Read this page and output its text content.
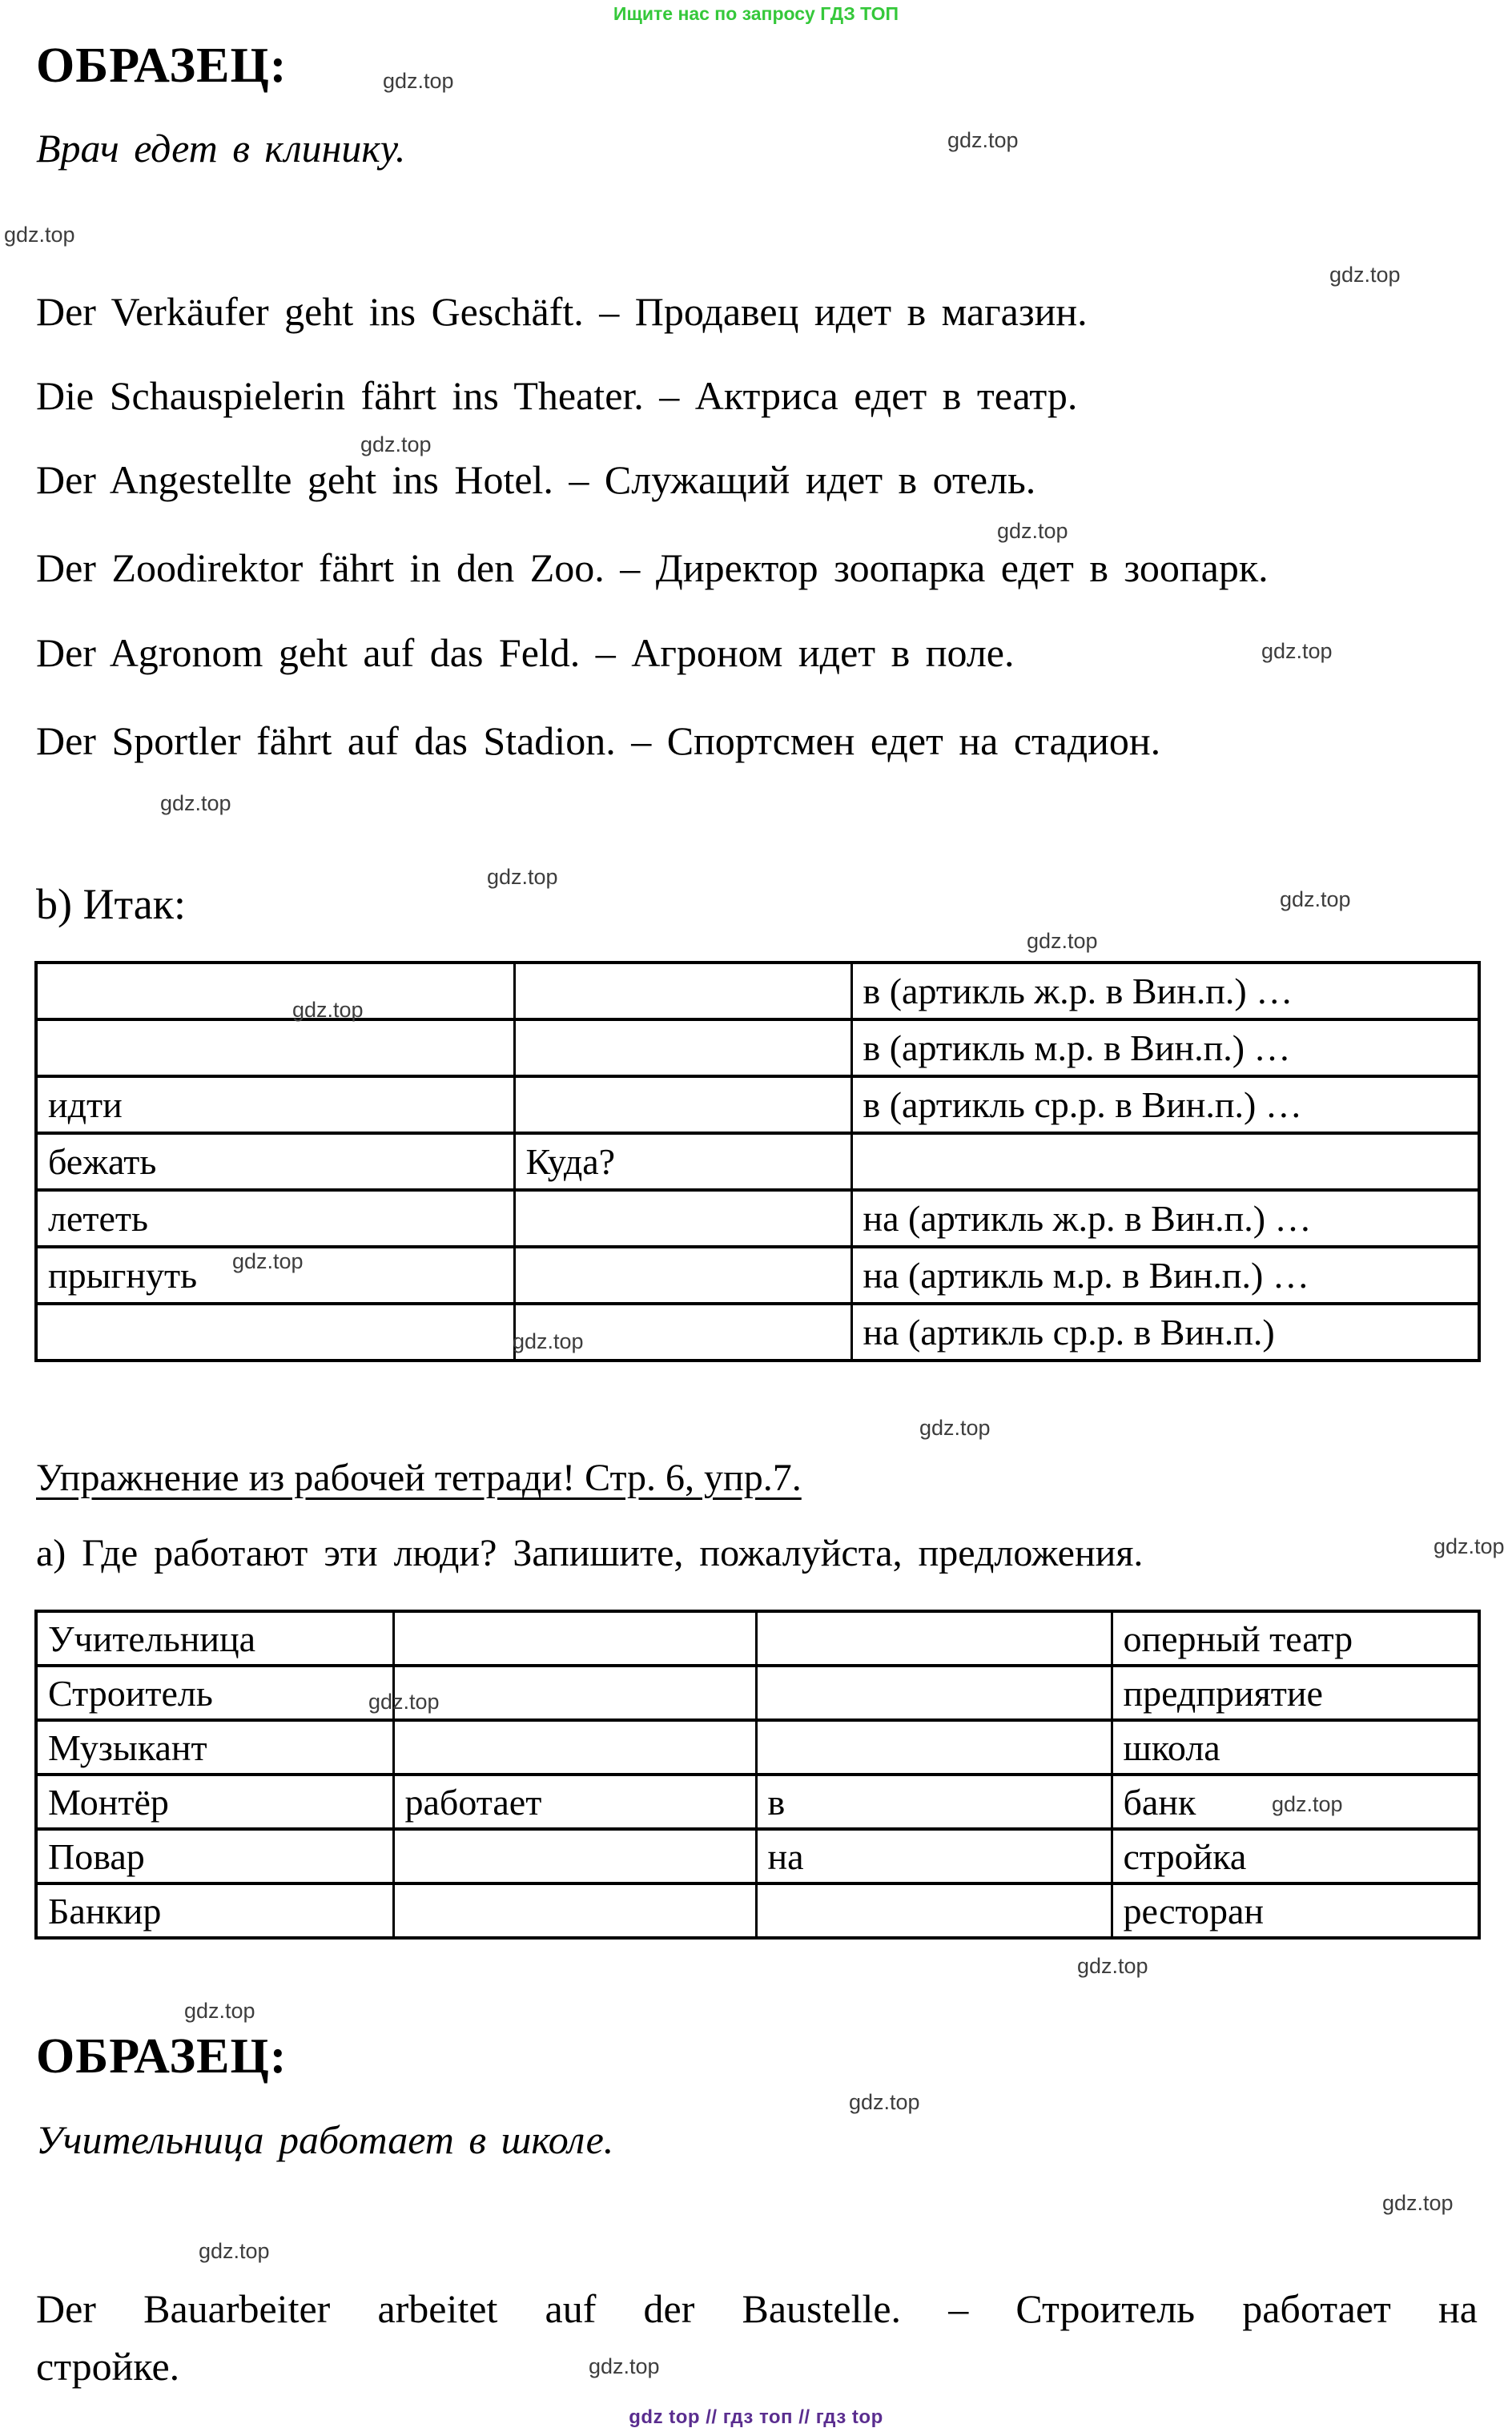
Ищите нас по запросу ГДЗ ТОП
ОБРАЗЕЦ:
Врач едет в клинику.
Der Verkäufer geht ins Geschäft. – Продавец идет в магазин.
Die Schauspielerin fährt ins Theater. – Актриса едет в театр.
Der Angestellte geht ins Hotel. – Служащий идет в отель.
Der Zoodirektor fährt in den Zoo. – Директор зоопарка едет в зоопарк.
Der Agronom geht auf das Feld. – Агроном идет в поле.
Der Sportler fährt auf das Stadion. – Спортсмен едет на стадион.
b) Итак:
		в (артикль ж.р. в Вин.п.) …
		в (артикль м.р. в Вин.п.) …
идти		в (артикль ср.р. в Вин.п.) …
бежать	Куда?	
лететь		на (артикль ж.р. в Вин.п.) …
прыгнуть		на (артикль м.р. в Вин.п.) …
		на (артикль ср.р. в Вин.п.)
Упражнение из рабочей тетради! Стр. 6, упр.7.
а) Где работают эти люди? Запишите, пожалуйста, предложения.
Учительница			оперный театр
Строитель			предприятие
Музыкант			школа
Монтёр	работает	в	банк
Повар		на	стройка
Банкир			ресторан
ОБРАЗЕЦ:
Учительница работает в школе.
Der Bauarbeiter arbeitet auf der Baustelle. – Строитель работает на
стройке.
gdz top // гдз топ // гдз top
gdz.top
gdz.top
gdz.top
gdz.top
gdz.top
gdz.top
gdz.top
gdz.top
gdz.top
gdz.top
gdz.top
gdz.top
gdz.top
gdz.top
gdz.top
gdz.top
gdz.top
gdz.top
gdz.top
gdz.top
gdz.top
gdz.top
gdz.top
gdz.top
